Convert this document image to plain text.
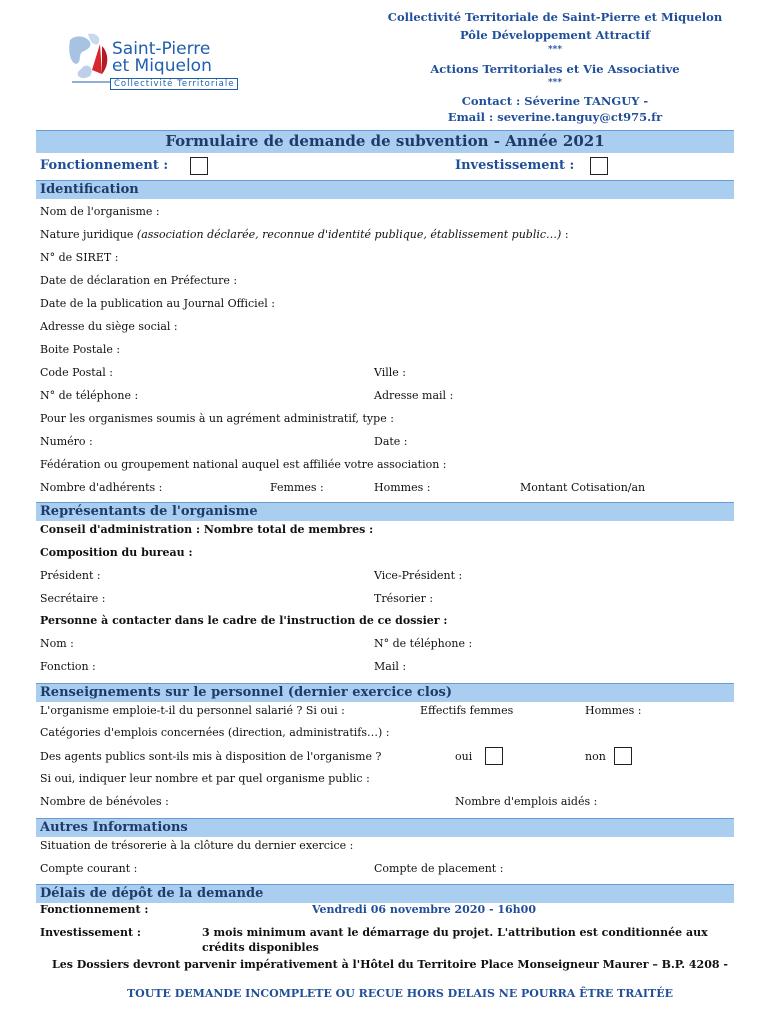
Collectivité Territoriale de Saint-Pierre et Miquelon
Pôle Développement Attractif
***
Actions Territoriales et Vie Associative
***
Contact : Séverine TANGUY -
Email : severine.tanguy@ct975.fr
Saint-Pierre
et Miquelon
Collectivité Territoriale
Formulaire de demande de subvention - Année 2021
Fonctionnement :	Investissement :
Identification
Nom de l'organisme :
Nature juridique (association déclarée, reconnue d'identité publique, établissement public…) :
N° de SIRET :
Date de déclaration en Préfecture :
Date de la publication au Journal Officiel :
Adresse du siège social :
Boite Postale :
Code Postal :	Ville :
N° de téléphone :	Adresse mail :
Pour les organismes soumis à un agrément administratif, type :
Numéro :	Date :
Fédération ou groupement national auquel est affiliée votre association :
Nombre d'adhérents :	Femmes :	Hommes :	Montant Cotisation/an
Représentants de l'organisme
Conseil d'administration : Nombre total de membres :
Composition du bureau :
Président :	Vice-Président :
Secrétaire :	Trésorier :
Personne à contacter dans le cadre de l'instruction de ce dossier :
Nom :	N° de téléphone :
Fonction :	Mail :
Renseignements sur le personnel (dernier exercice clos)
L'organisme emploie-t-il du personnel salarié ? Si oui :	Effectifs femmes	Hommes :
Catégories d'emplois concernées (direction, administratifs…) :
Des agents publics sont-ils mis à disposition de l'organisme ?	oui	non
Si oui, indiquer leur nombre et par quel organisme public :
Nombre de bénévoles :	Nombre d'emplois aidés :
Autres Informations
Situation de trésorerie à la clôture du dernier exercice :
Compte courant :	Compte de placement :
Délais de dépôt de la demande
Fonctionnement :	Vendredi 06 novembre 2020 - 16h00
Investissement :	3 mois minimum avant le démarrage du projet. L'attribution est conditionnée aux
crédits disponibles
Les Dossiers devront parvenir impérativement à l'Hôtel du Territoire Place Monseigneur Maurer – B.P. 4208 -
TOUTE DEMANDE INCOMPLETE OU RECUE HORS DELAIS NE POURRA ÊTRE TRAITÉE
